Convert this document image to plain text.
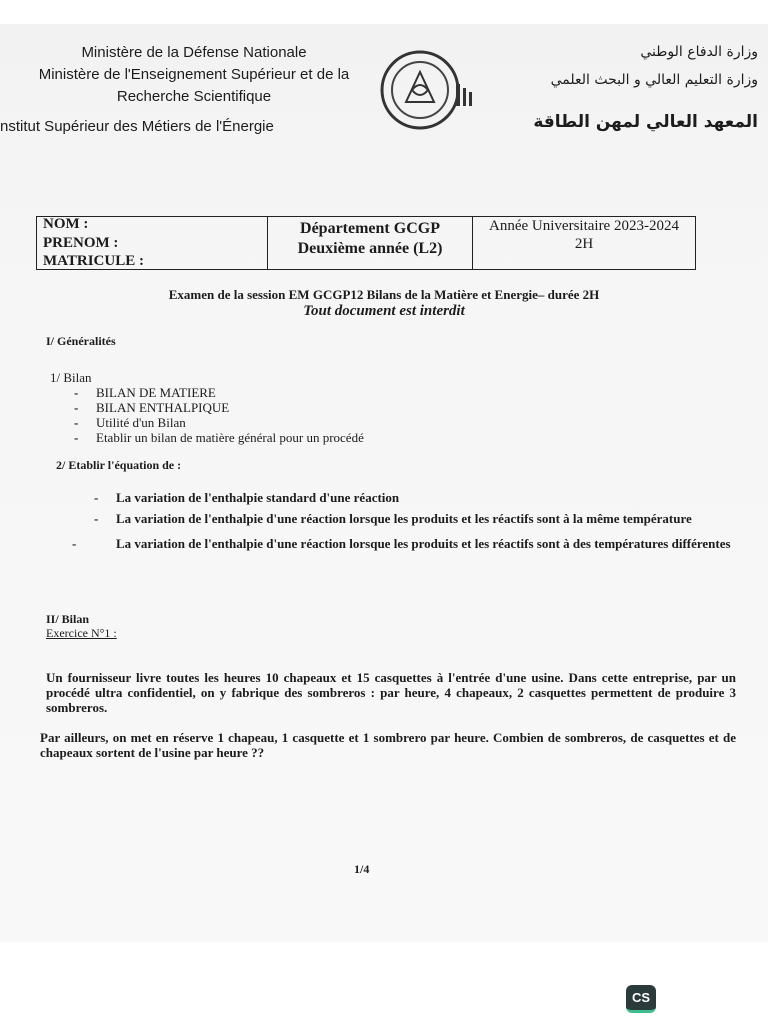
Ministère de la Défense Nationale
Ministère de l'Enseignement Supérieur et de la Recherche Scientifique
nstitut Supérieur des Métiers de l'Énergie
وزارة الدفاع الوطني
وزارة التعليم العالي و البحث العلمي
المعهد العالي لمهن الطاقة
NOM :
PRENOM :
MATRICULE :
Département GCGP
Deuxième année (L2)
Année Universitaire 2023-2024
2H
Examen de la session EM GCGP12 Bilans de la Matière et Energie– durée 2H
Tout document est interdit
I/ Généralités
1/ Bilan
- BILAN DE MATIERE
- BILAN ENTHALPIQUE
- Utilité d'un Bilan
- Etablir un bilan de matière général pour un procédé
2/ Etablir l'équation de :
- La variation de l'enthalpie standard d'une réaction
- La variation de l'enthalpie d'une réaction lorsque les produits et les réactifs sont à la même température
-	La variation de l'enthalpie d'une réaction lorsque les produits et les réactifs sont à des températures différentes
II/ Bilan
Exercice N°1 :
Un fournisseur livre toutes les heures 10 chapeaux et 15 casquettes à l'entrée d'une usine. Dans cette entreprise, par un procédé ultra confidentiel, on y fabrique des sombreros : par heure, 4 chapeaux, 2 casquettes permettent de produire 3 sombreros.
Par ailleurs, on met en réserve 1 chapeau, 1 casquette et 1 sombrero par heure. Combien de sombreros, de casquettes et de chapeaux sortent de l'usine par heure ??
1/4
CS
